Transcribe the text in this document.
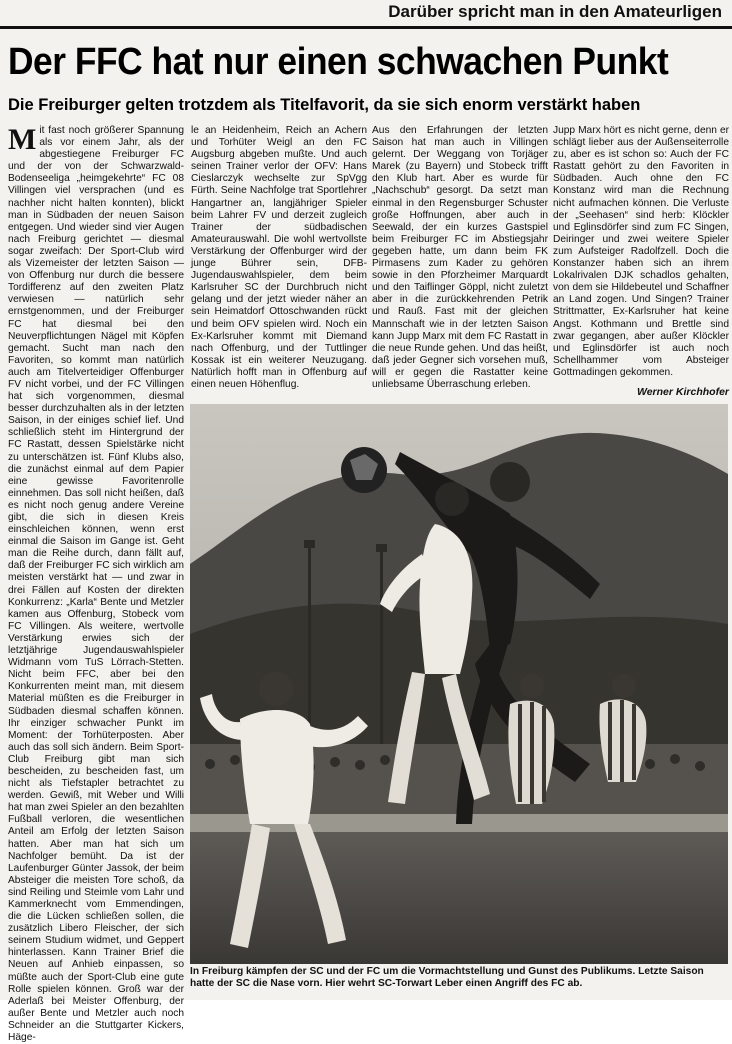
Darüber spricht man in den Amateurligen
Der FFC hat nur einen schwachen Punkt
Die Freiburger gelten trotzdem als Titelfavorit, da sie sich enorm verstärkt haben
M it fast noch größerer Spannung als vor einem Jahr, als der abgestiegene Freiburger FC und der von der Schwarzwald-Bodenseeliga „heimgekehrte“ FC 08 Villingen viel versprachen (und es nachher nicht halten konnten), blickt man in Südbaden der neuen Saison entgegen. Und wieder sind vier Augen nach Freiburg gerichtet — diesmal sogar zweifach: Der Sport-Club wird als Vizemeister der letzten Saison — von Offenburg nur durch die bessere Tordifferenz auf den zweiten Platz verwiesen — natürlich sehr ernstgenommen, und der Freiburger FC hat diesmal bei den Neuverpflichtungen Nägel mit Köpfen gemacht. Sucht man nach den Favoriten, so kommt man natürlich auch am Titelverteidiger Offenburger FV nicht vorbei, und der FC Villingen hat sich vorgenommen, diesmal besser durchzuhalten als in der letzten Saison, in der einiges schief lief. Und schließlich steht im Hintergrund der FC Rastatt, dessen Spielstärke nicht zu unterschätzen ist. Fünf Klubs also, die zunächst einmal auf dem Papier eine gewisse Favoritenrolle einnehmen. Das soll nicht heißen, daß es nicht noch genug andere Vereine gibt, die sich in diesen Kreis einschleichen können, wenn erst einmal die Saison im Gange ist. Geht man die Reihe durch, dann fällt auf, daß der Freiburger FC sich wirklich am meisten verstärkt hat — und zwar in drei Fällen auf Kosten der direkten Konkurrenz: „Karla“ Bente und Metzler kamen aus Offenburg, Stobeck vom FC Villingen. Als weitere, wertvolle Verstärkung erwies sich der letztjährige Jugendauswahlspieler Widmann vom TuS Lörrach-Stetten. Nicht beim FFC, aber bei den Konkurrenten meint man, mit diesem Material müßten es die Freiburger in Südbaden diesmal schaffen können. Ihr einziger schwacher Punkt im Moment: der Torhüterposten. Aber auch das soll sich ändern. Beim Sport-Club Freiburg gibt man sich bescheiden, zu bescheiden fast, um nicht als Tiefstapler betrachtet zu werden. Gewiß, mit Weber und Willi hat man zwei Spieler an den bezahlten Fußball verloren, die wesentlichen Anteil am Erfolg der letzten Saison hatten. Aber man hat sich um Nachfolger bemüht. Da ist der Laufenburger Günter Jassok, der beim Absteiger die meisten Tore schoß, da sind Reiling und Steimle vom Lahr und Kammerknecht vom Emmendingen, die die Lücken schließen sollen, die zusätzlich Libero Fleischer, der sich seinem Studium widmet, und Geppert hinterlassen. Kann Trainer Brief die Neuen auf Anhieb einpassen, so müßte auch der Sport-Club eine gute Rolle spielen können. Groß war der Aderlaß bei Meister Offenburg, der außer Bente und Metzler auch noch Schneider an die Stuttgarter Kickers, Häge-
le an Heidenheim, Reich an Achern und Torhüter Weigl an den FC Augsburg abgeben mußte. Und auch seinen Trainer verlor der OFV: Hans Cieslarczyk wechselte zur SpVgg Fürth. Seine Nachfolge trat Sportlehrer Hangartner an, langjähriger Spieler beim Lahrer FV und derzeit zugleich Trainer der südbadischen Amateurauswahl. Die wohl wertvollste Verstärkung der Offenburger wird der junge Bührer sein, DFB-Jugendauswahlspieler, dem beim Karlsruher SC der Durchbruch nicht gelang und der jetzt wieder näher an sein Heimatdorf Ottoschwanden rückt und beim OFV spielen wird. Noch ein Ex-Karlsruher kommt mit Diemand nach Offenburg, und der Tuttlinger Kossak ist ein weiterer Neuzugang. Natürlich hofft man in Offenburg auf einen neuen Höhenflug.
Aus den Erfahrungen der letzten Saison hat man auch in Villingen gelernt. Der Weggang von Torjäger Marek (zu Bayern) und Stobeck trifft den Klub hart. Aber es wurde für „Nachschub“ gesorgt. Da setzt man einmal in den Regensburger Schuster große Hoffnungen, aber auch in Seewald, der ein kurzes Gastspiel beim Freiburger FC im Abstiegsjahr gegeben hatte, um dann beim FK Pirmasens zum Kader zu gehören sowie in den Pforzheimer Marquardt und den Taiflinger Göppl, nicht zuletzt aber in die zurückkehrenden Petrik und Rauß. Fast mit der gleichen Mannschaft wie in der letzten Saison kann Jupp Marx mit dem FC Rastatt in die neue Runde gehen. Und das heißt, daß jeder Gegner sich vorsehen muß, will er gegen die Rastatter keine unliebsame Überraschung erleben.
Jupp Marx hört es nicht gerne, denn er schlägt lieber aus der Außenseiterrolle zu, aber es ist schon so: Auch der FC Rastatt gehört zu den Favoriten in Südbaden. Auch ohne den FC Konstanz wird man die Rechnung nicht aufmachen können. Die Verluste der „Seehasen“ sind herb: Klöckler und Eglinsdörfer sind zum FC Singen, Deiringer und zwei weitere Spieler zum Aufsteiger Radolfzell. Doch die Konstanzer haben sich an ihrem Lokalrivalen DJK schadlos gehalten, von dem sie Hildebeutel und Schaffner an Land zogen. Und Singen? Trainer Strittmatter, Ex-Karlsruher hat keine Angst. Kothmann und Brettle sind zwar gegangen, aber außer Klöckler und Eglinsdörfer ist auch noch Schellhammer vom Absteiger Gottmadingen gekommen.
Werner Kirchhofer
In Freiburg kämpfen der SC und der FC um die Vormachtstellung und Gunst des Publikums. Letzte Saison hatte der SC die Nase vorn. Hier wehrt SC-Torwart Leber einen Angriff des FC ab.
